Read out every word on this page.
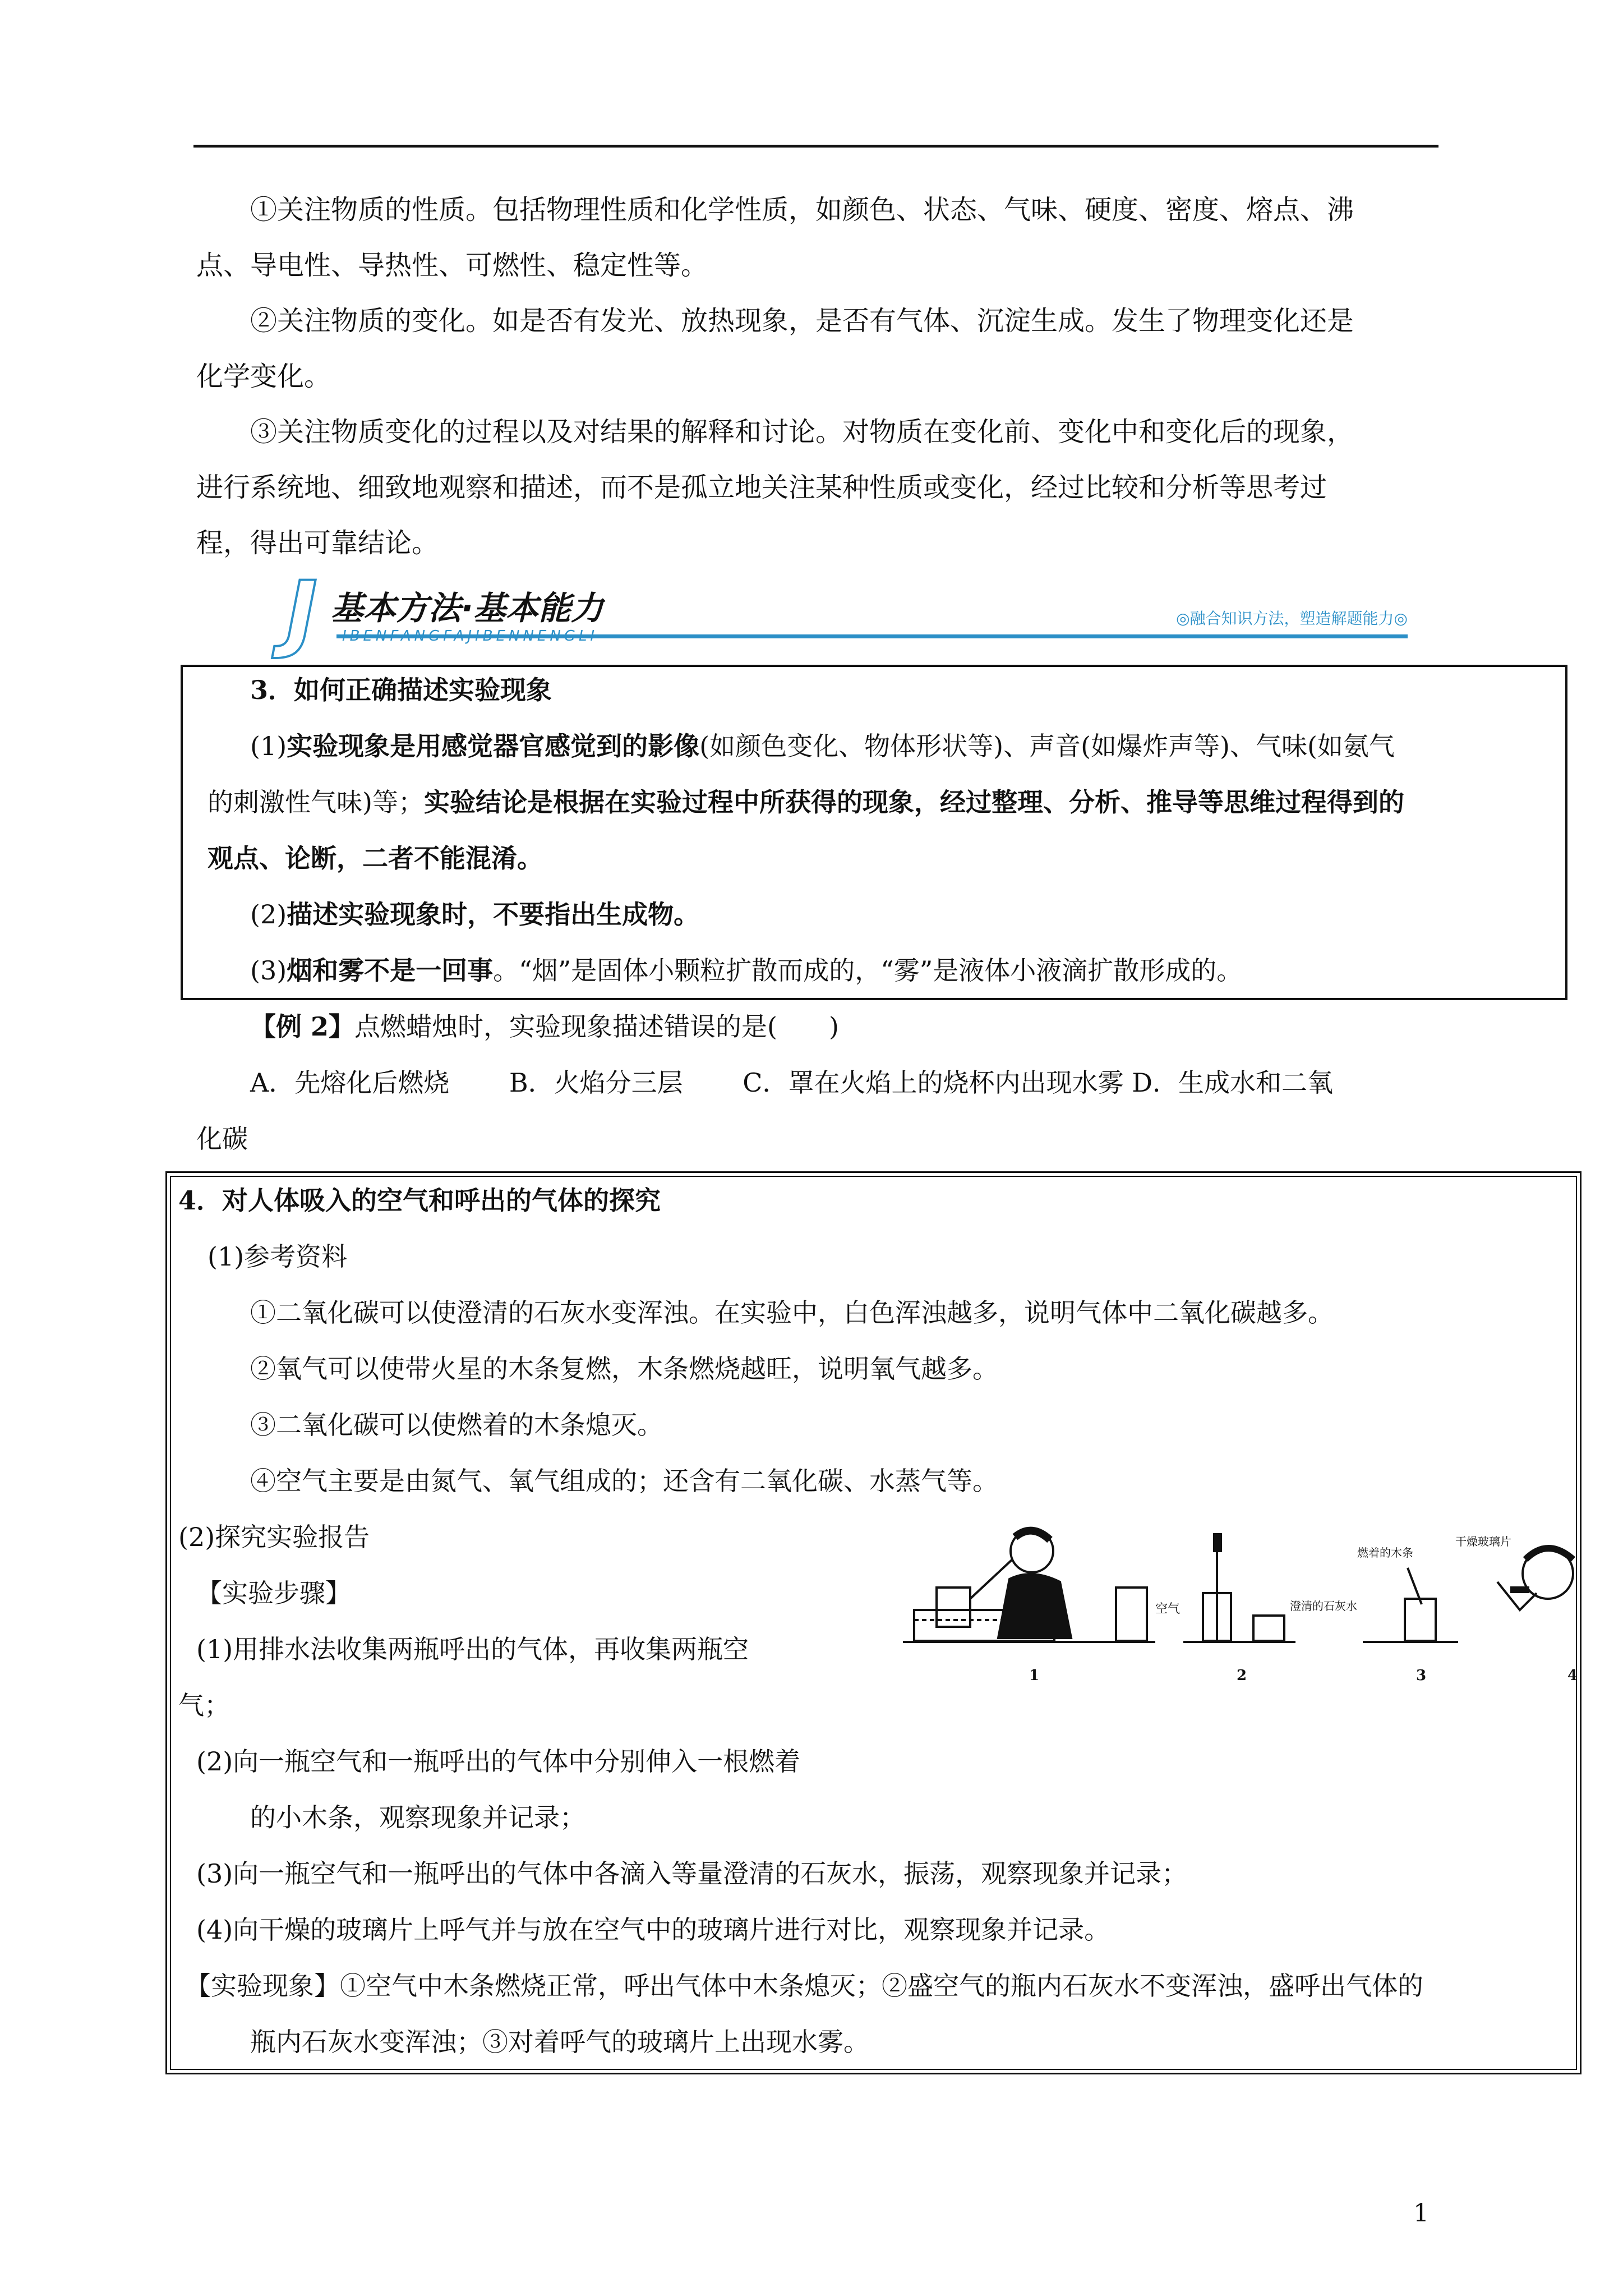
①关注物质的性质。包括物理性质和化学性质，如颜色、状态、气味、硬度、密度、熔点、沸

点、导电性、导热性、可燃性、稳定性等。

②关注物质的变化。如是否有发光、放热现象，是否有气体、沉淀生成。发生了物理变化还是

化学变化。

③关注物质变化的过程以及对结果的解释和讨论。对物质在变化前、变化中和变化后的现象，

进行系统地、细致地观察和描述，而不是孤立地关注某种性质或变化，经过比较和分析等思考过

程，得出可靠结论。

J 基本方法·基本能力
IBENFANGFAJIBENNENGLI
◎融合知识方法，塑造解题能力◎

3．如何正确描述实验现象

(1)实验现象是用感觉器官感觉到的影像(如颜色变化、物体形状等)、声音(如爆炸声等)、气味(如氨气

的刺激性气味)等；实验结论是根据在实验过程中所获得的现象，经过整理、分析、推导等思维过程得到的

观点、论断，二者不能混淆。

(2)描述实验现象时，不要指出生成物。

(3)烟和雾不是一回事。“烟”是固体小颗粒扩散而成的，“雾”是液体小液滴扩散形成的。

【例 2】点燃蜡烛时，实验现象描述错误的是(　　)

A．先熔化后燃烧　　 B．火焰分三层　　 C．罩在火焰上的烧杯内出现水雾 D．生成水和二氧

化碳

4．对人体吸入的空气和呼出的气体的探究

(1)参考资料

①二氧化碳可以使澄清的石灰水变浑浊。在实验中，白色浑浊越多，说明气体中二氧化碳越多。

②氧气可以使带火星的木条复燃，木条燃烧越旺，说明氧气越多。

③二氧化碳可以使燃着的木条熄灭。

④空气主要是由氮气、氧气组成的；还含有二氧化碳、水蒸气等。

(2)探究实验报告

【实验步骤】

(1)用排水法收集两瓶呼出的气体，再收集两瓶空

气；

(2)向一瓶空气和一瓶呼出的气体中分别伸入一根燃着

的小木条，观察现象并记录；

(3)向一瓶空气和一瓶呼出的气体中各滴入等量澄清的石灰水，振荡，观察现象并记录；

(4)向干燥的玻璃片上呼气并与放在空气中的玻璃片进行对比，观察现象并记录。

【实验现象】①空气中木条燃烧正常，呼出气体中木条熄灭；②盛空气的瓶内石灰水不变浑浊，盛呼出气体的

瓶内石灰水变浑浊；③对着呼气的玻璃片上出现水雾。

空气	澄清的石灰水
燃着的木条
干燥玻璃片
1	2	3	4
1
